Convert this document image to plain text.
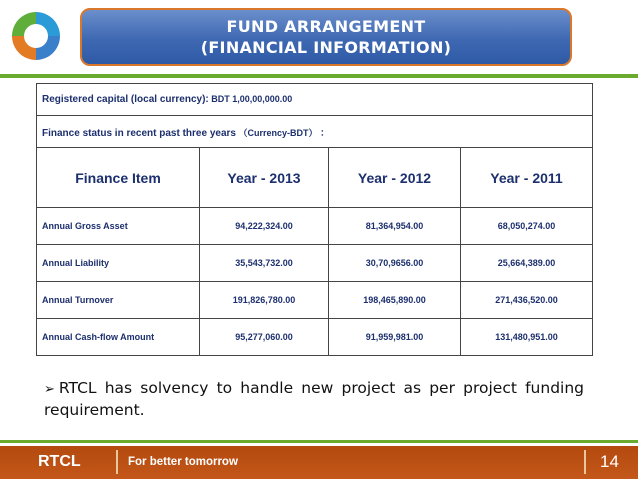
FUND ARRANGEMENT
(FINANCIAL INFORMATION)
Registered capital (local currency): BDT 1,00,00,000.00			
Finance status in recent past three years （Currency-BDT） ：			
Finance Item	Year - 2013	Year - 2012	Year - 2011
Annual Gross Asset	94,222,324.00	81,364,954.00	68,050,274.00
Annual Liability	35,543,732.00	30,70,9656.00	25,664,389.00
Annual Turnover	191,826,780.00	198,465,890.00	271,436,520.00
Annual Cash-flow Amount	95,277,060.00	91,959,981.00	131,480,951.00
➢ RTCL has solvency to handle new project as per project funding requirement.
RTCL	For better tomorrow	14
